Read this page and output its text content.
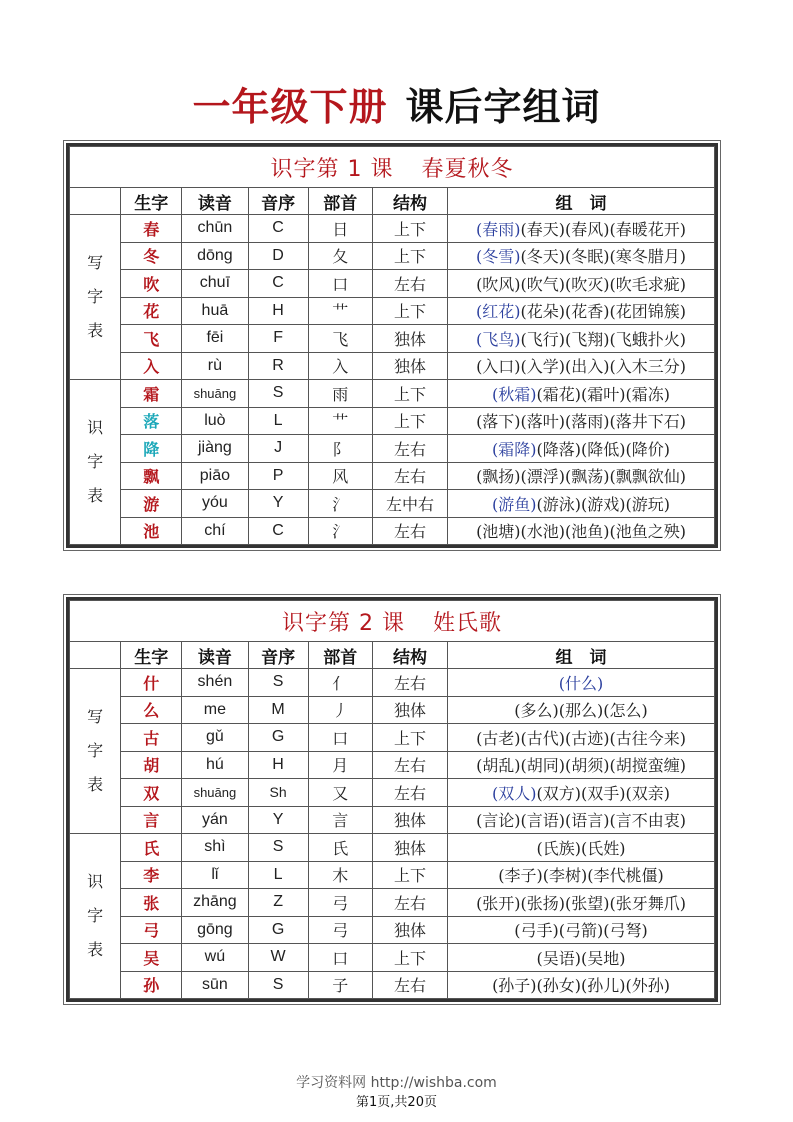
一年级下册 课后字组词
识字第 1 课 春夏秋冬						
	生字	读音	音序	部首	结构	组　词

写
字
表	春	chūn	C	日	上下	(春雨)(春天)(春风)(春暖花开)
	冬	dōng	D	夂	上下	(冬雪)(冬天)(冬眠)(寒冬腊月)
	吹	chuī	C	口	左右	(吹风)(吹气)(吹灭)(吹毛求疵)
	花	huā	H	艹	上下	(红花)(花朵)(花香)(花团锦簇)
	飞	fēi	F	飞	独体	(飞鸟)(飞行)(飞翔)(飞蛾扑火)
	入	rù	R	入	独体	(入口)(入学)(出入)(入木三分)

识
字
表	霜	shuāng	S	雨	上下	(秋霜)(霜花)(霜叶)(霜冻)
	落	luò	L	艹	上下	(落下)(落叶)(落雨)(落井下石)
	降	jiàng	J	阝	左右	(霜降)(降落)(降低)(降价)
	飘	piāo	P	风	左右	(飘扬)(漂浮)(飘荡)(飘飘欲仙)
	游	yóu	Y	氵	左中右	(游鱼)(游泳)(游戏)(游玩)
	池	chí	C	氵	左右	(池塘)(水池)(池鱼)(池鱼之殃)
识字第 2 课 姓氏歌						
	生字	读音	音序	部首	结构	组　词

写
字
表	什	shén	S	亻	左右	(什么)
	么	me	M	丿	独体	(多么)(那么)(怎么)
	古	gǔ	G	口	上下	(古老)(古代)(古迹)(古往今来)
	胡	hú	H	月	左右	(胡乱)(胡同)(胡须)(胡搅蛮缠)
	双	shuāng	Sh	又	左右	(双人)(双方)(双手)(双亲)
	言	yán	Y	言	独体	(言论)(言语)(语言)(言不由衷)

识
字
表	氏	shì	S	氏	独体	(氏族)(氏姓)
	李	lǐ	L	木	上下	(李子)(李树)(李代桃僵)
	张	zhāng	Z	弓	左右	(张开)(张扬)(张望)(张牙舞爪)
	弓	gōng	G	弓	独体	(弓手)(弓箭)(弓弩)
	吴	wú	W	口	上下	(吴语)(吴地)
	孙	sūn	S	子	左右	(孙子)(孙女)(孙儿)(外孙)
学习资料网 http://wishba.com
第1页,共20页
